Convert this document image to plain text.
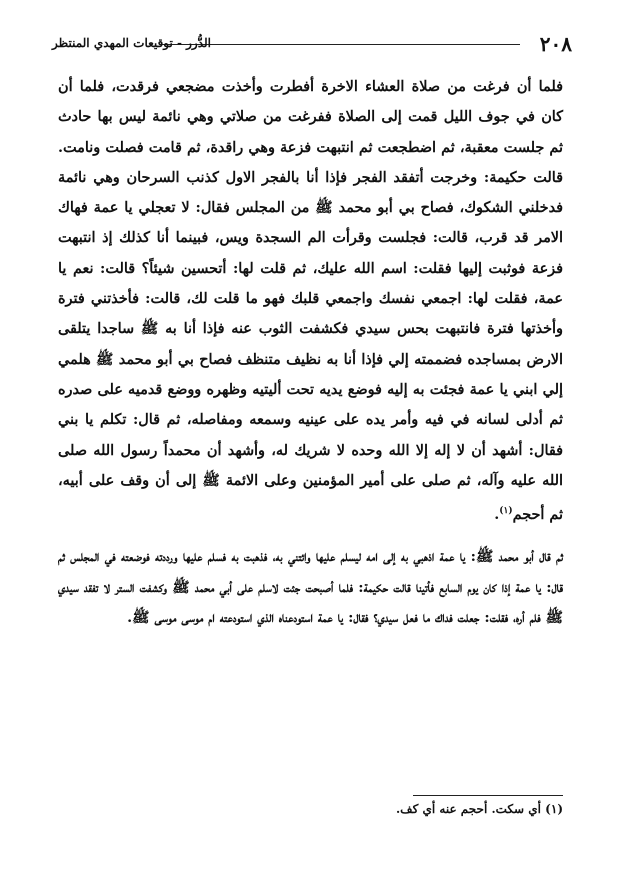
٢٠٨
الدُّرر - توقيعات المهدي المنتظر

فلما أن فرغت من صلاة العشاء الاخرة أفطرت وأخذت مضجعي فرقدت، فلما أن كان في جوف الليل قمت إلى الصلاة ففرغت من صلاتي وهي نائمة ليس بها حادث ثم جلست معقبة، ثم اضطجعت ثم انتبهت فزعة وهي راقدة، ثم قامت فصلت ونامت. قالت حكيمة: وخرجت أتفقد الفجر فإذا أنا بالفجر الاول كذنب السرحان وهي نائمة فدخلني الشكوك، فصاح بي أبو محمد ﷺ من المجلس فقال: لا تعجلي يا عمة فهاك الامر قد قرب، قالت: فجلست وقرأت الم السجدة ويس، فبينما أنا كذلك إذ انتبهت فزعة فوثبت إليها فقلت: اسم الله عليك، ثم قلت لها: أتحسين شيئاً؟ قالت: نعم يا عمة، فقلت لها: اجمعي نفسك واجمعي قلبك فهو ما قلت لك، قالت: فأخذتني فترة وأخذتها فترة فانتبهت بحس سيدي فكشفت الثوب عنه فإذا أنا به ﷺ ساجدا يتلقى الارض بمساجده فضممته إلي فإذا أنا به نظيف متنظف فصاح بي أبو محمد ﷺ هلمي إلي ابني يا عمة فجئت به إليه فوضع يديه تحت أليتيه وظهره ووضع قدميه على صدره ثم أدلى لسانه في فيه وأمر يده على عينيه وسمعه ومفاصله، ثم قال: تكلم يا بني فقال: أشهد أن لا إله إلا الله وحده لا شريك له، وأشهد أن محمداً رسول الله صلى الله عليه وآله، ثم صلى على أمير المؤمنين وعلى الائمة ﷺ إلى أن وقف على أبيه، ثم أحجم$^{(١)}$.

ثم قال أبو محمد ﷺ: يا عمة اذهبي به إلى امه ليسلم عليها وائتني به، فذهبت به فسلم عليها ورددته فوضعته في المجلس ثم قال: يا عمة إذا كان يوم السابع فأتينا قالت حكيمة: فلما أصبحت جئت لاسلم على أبي محمد ﷺ وكشفت الستر لا تفقد سيدي ﷺ فلم أره، فقلت: جعلت فداك ما فعل سيدي؟ فقال: يا عمة استودعناه الذي استودعته ام موسى موسى ﷺ.

(١) أي سكت. أحجم عنه أي كف.
